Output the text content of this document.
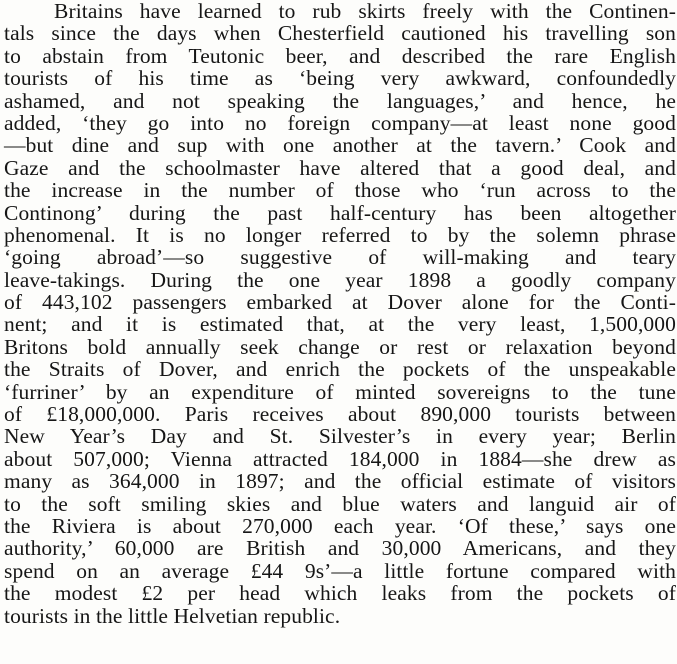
Britains have learned to rub skirts freely with the Continen-
tals since the days when Chesterfield cautioned his travelling son
to abstain from Teutonic beer, and described the rare English
tourists of his time as ‘being very awkward, confoundedly
ashamed, and not speaking the languages,’ and hence, he
added, ‘they go into no foreign company—at least none good
—but dine and sup with one another at the tavern.’ Cook and
Gaze and the schoolmaster have altered that a good deal, and
the increase in the number of those who ‘run across to the
Continong’ during the past half-century has been altogether
phenomenal. It is no longer referred to by the solemn phrase
‘going abroad’—so suggestive of will-making and teary
leave-takings. During the one year 1898 a goodly company
of 443,102 passengers embarked at Dover alone for the Conti-
nent; and it is estimated that, at the very least, 1,500,000
Britons bold annually seek change or rest or relaxation beyond
the Straits of Dover, and enrich the pockets of the unspeakable
‘furriner’ by an expenditure of minted sovereigns to the tune
of £18,000,000. Paris receives about 890,000 tourists between
New Year’s Day and St. Silvester’s in every year; Berlin
about 507,000; Vienna attracted 184,000 in 1884—she drew as
many as 364,000 in 1897; and the official estimate of visitors
to the soft smiling skies and blue waters and languid air of
the Riviera is about 270,000 each year. ‘Of these,’ says one
authority,’ 60,000 are British and 30,000 Americans, and they
spend on an average £44 9s’—a little fortune compared with
the modest £2 per head which leaks from the pockets of
tourists in the little Helvetian republic.
